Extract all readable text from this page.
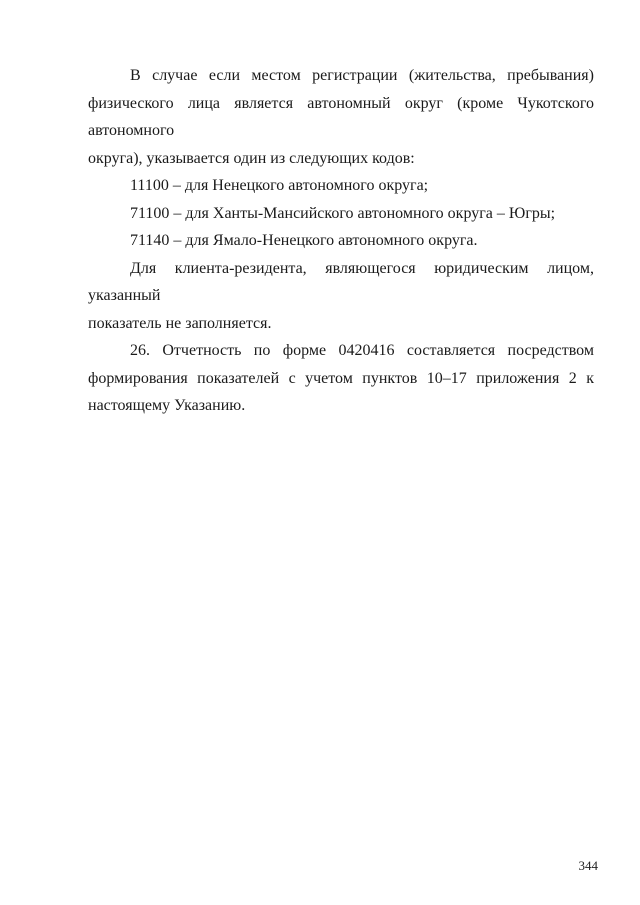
В случае если местом регистрации (жительства, пребывания)
физического лица является автономный округ (кроме Чукотского автономного
округа), указывается один из следующих кодов:
11100 – для Ненецкого автономного округа;
71100 – для Ханты-Мансийского автономного округа – Югры;
71140 – для Ямало-Ненецкого автономного округа.
Для клиента-резидента, являющегося юридическим лицом, указанный
показатель не заполняется.
26. Отчетность по форме 0420416 составляется посредством
формирования показателей с учетом пунктов 10–17 приложения 2 к
настоящему Указанию.
344
